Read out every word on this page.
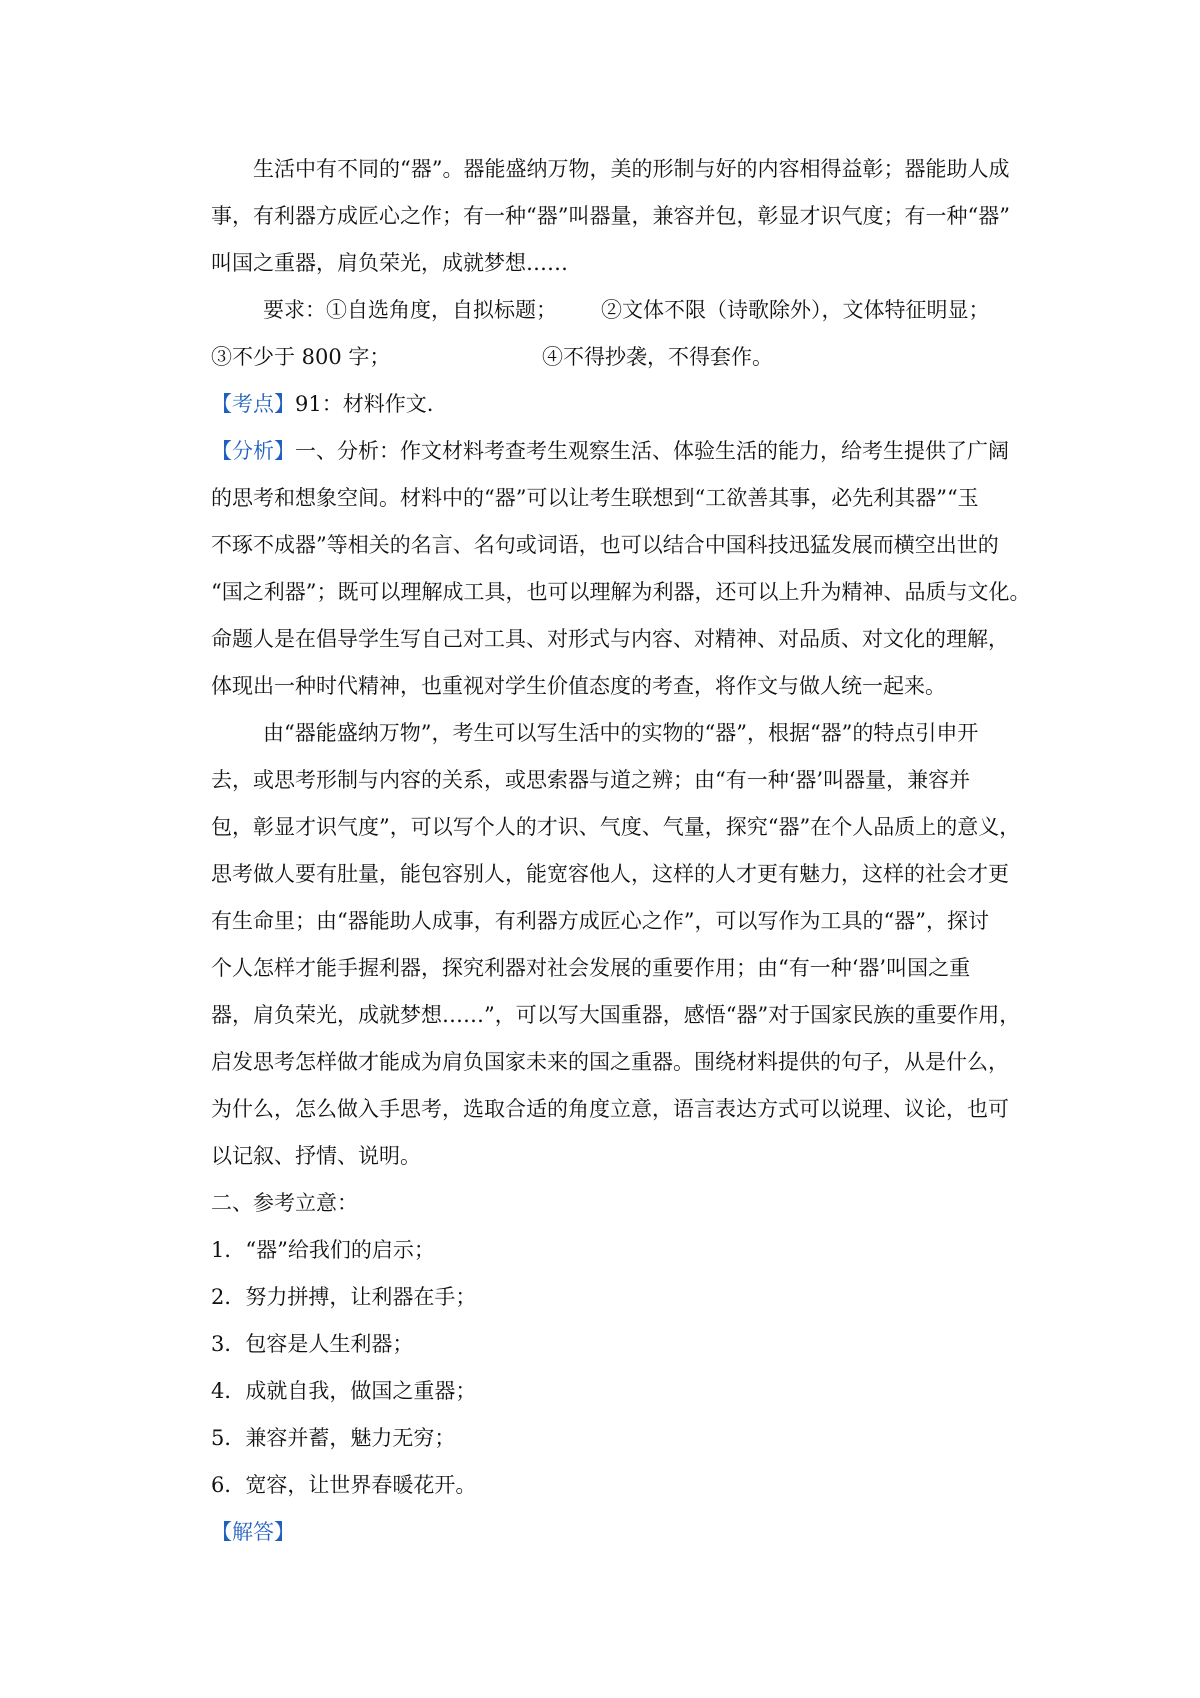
生活中有不同的“器”。器能盛纳万物，美的形制与好的内容相得益彰；器能助人成
事，有利器方成匠心之作；有一种“器”叫器量，兼容并包，彰显才识气度；有一种“器”
叫国之重器，肩负荣光，成就梦想……
要求：①自选角度，自拟标题； ②文体不限（诗歌除外），文体特征明显；
③不少于 800 字；	④不得抄袭，不得套作。
【考点】91：材料作文.
【分析】一、分析：作文材料考查考生观察生活、体验生活的能力，给考生提供了广阔
的思考和想象空间。材料中的“器”可以让考生联想到“工欲善其事，必先利其器”“玉
不琢不成器”等相关的名言、名句或词语，也可以结合中国科技迅猛发展而横空出世的
“国之利器”；既可以理解成工具，也可以理解为利器，还可以上升为精神、品质与文化。
命题人是在倡导学生写自己对工具、对形式与内容、对精神、对品质、对文化的理解，
体现出一种时代精神，也重视对学生价值态度的考查，将作文与做人统一起来。
由“器能盛纳万物”，考生可以写生活中的实物的“器”，根据“器”的特点引申开
去，或思考形制与内容的关系，或思索器与道之辨；由“有一种‘器’叫器量，兼容并
包，彰显才识气度”，可以写个人的才识、气度、气量，探究“器”在个人品质上的意义，
思考做人要有肚量，能包容别人，能宽容他人，这样的人才更有魅力，这样的社会才更
有生命里；由“器能助人成事，有利器方成匠心之作”，可以写作为工具的“器”，探讨
个人怎样才能手握利器，探究利器对社会发展的重要作用；由“有一种‘器’叫国之重
器，肩负荣光，成就梦想……”，可以写大国重器，感悟“器”对于国家民族的重要作用，
启发思考怎样做才能成为肩负国家未来的国之重器。围绕材料提供的句子，从是什么，
为什么，怎么做入手思考，选取合适的角度立意，语言表达方式可以说理、议论，也可
以记叙、抒情、说明。
二、参考立意：
1．“器”给我们的启示；
2．努力拼搏，让利器在手；
3．包容是人生利器；
4．成就自我，做国之重器；
5．兼容并蓄，魅力无穷；
6．宽容，让世界春暖花开。
【解答】
